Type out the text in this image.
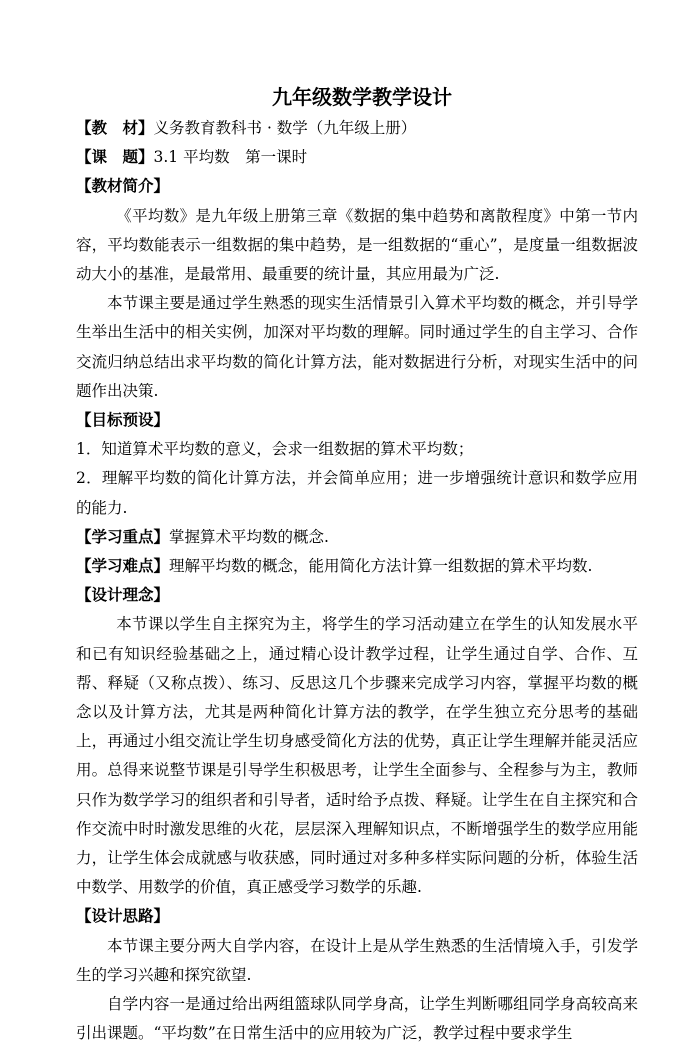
九年级数学教学设计

【教　材】义务教育教科书 · 数学（九年级上册）

【课　题】3.1 平均数　第一课时

【教材简介】

《平均数》是九年级上册第三章《数据的集中趋势和离散程度》中第一节内容，平均数能表示一组数据的集中趋势，是一组数据的“重心”，是度量一组数据波动大小的基准，是最常用、最重要的统计量，其应用最为广泛.

本节课主要是通过学生熟悉的现实生活情景引入算术平均数的概念，并引导学生举出生活中的相关实例，加深对平均数的理解。同时通过学生的自主学习、合作交流归纳总结出求平均数的简化计算方法，能对数据进行分析，对现实生活中的问题作出决策.

【目标预设】

1．知道算术平均数的意义，会求一组数据的算术平均数；

2．理解平均数的简化计算方法，并会简单应用；进一步增强统计意识和数学应用的能力.

【学习重点】掌握算术平均数的概念.

【学习难点】理解平均数的概念，能用简化方法计算一组数据的算术平均数.

【设计理念】

本节课以学生自主探究为主，将学生的学习活动建立在学生的认知发展水平和已有知识经验基础之上，通过精心设计教学过程，让学生通过自学、合作、互帮、释疑（又称点拨）、练习、反思这几个步骤来完成学习内容，掌握平均数的概念以及计算方法，尤其是两种简化计算方法的教学，在学生独立充分思考的基础上，再通过小组交流让学生切身感受简化方法的优势，真正让学生理解并能灵活应用。总得来说整节课是引导学生积极思考，让学生全面参与、全程参与为主，教师只作为数学学习的组织者和引导者，适时给予点拨、释疑。让学生在自主探究和合作交流中时时激发思维的火花，层层深入理解知识点，不断增强学生的数学应用能力，让学生体会成就感与收获感，同时通过对多种多样实际问题的分析，体验生活中数学、用数学的价值，真正感受学习数学的乐趣.

【设计思路】

本节课主要分两大自学内容，在设计上是从学生熟悉的生活情境入手，引发学生的学习兴趣和探究欲望.

自学内容一是通过给出两组篮球队同学身高，让学生判断哪组同学身高较高来引出课题。“平均数”在日常生活中的应用较为广泛，教学过程中要求学生
